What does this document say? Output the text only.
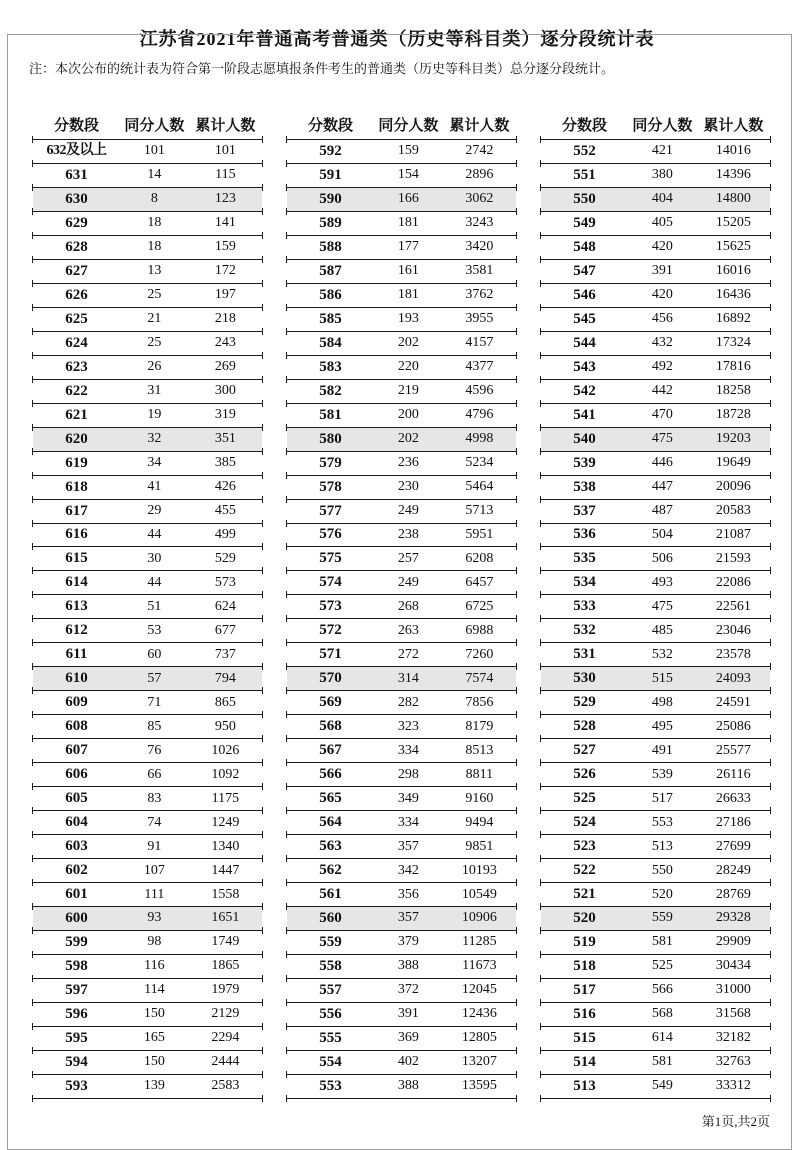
江苏省2021年普通高考普通类（历史等科目类）逐分段统计表
注：本次公布的统计表为符合第一阶段志愿填报条件考生的普通类（历史等科目类）总分逐分段统计。
分数段	同分人数 累计人数
632及以上	101	101
631	14	115
630	8	123
629	18	141
628	18	159
627	13	172
626	25	197
625	21	218
624	25	243
623	26	269
622	31	300
621	19	319
620	32	351
619	34	385
618	41	426
617	29	455
616	44	499
615	30	529
614	44	573
613	51	624
612	53	677
611	60	737
610	57	794
609	71	865
608	85	950
607	76	1026
606	66	1092
605	83	1175
604	74	1249
603	91	1340
602	107	1447
601	111	1558
600	93	1651
599	98	1749
598	116	1865
597	114	1979
596	150	2129
595	165	2294
594	150	2444
593	139	2583
分数段	同分人数 累计人数
592	159	2742
591	154	2896
590	166	3062
589	181	3243
588	177	3420
587	161	3581
586	181	3762
585	193	3955
584	202	4157
583	220	4377
582	219	4596
581	200	4796
580	202	4998
579	236	5234
578	230	5464
577	249	5713
576	238	5951
575	257	6208
574	249	6457
573	268	6725
572	263	6988
571	272	7260
570	314	7574
569	282	7856
568	323	8179
567	334	8513
566	298	8811
565	349	9160
564	334	9494
563	357	9851
562	342	10193
561	356	10549
560	357	10906
559	379	11285
558	388	11673
557	372	12045
556	391	12436
555	369	12805
554	402	13207
553	388	13595
分数段	同分人数 累计人数
552	421	14016
551	380	14396
550	404	14800
549	405	15205
548	420	15625
547	391	16016
546	420	16436
545	456	16892
544	432	17324
543	492	17816
542	442	18258
541	470	18728
540	475	19203
539	446	19649
538	447	20096
537	487	20583
536	504	21087
535	506	21593
534	493	22086
533	475	22561
532	485	23046
531	532	23578
530	515	24093
529	498	24591
528	495	25086
527	491	25577
526	539	26116
525	517	26633
524	553	27186
523	513	27699
522	550	28249
521	520	28769
520	559	29328
519	581	29909
518	525	30434
517	566	31000
516	568	31568
515	614	32182
514	581	32763
513	549	33312
第1页,共2页
